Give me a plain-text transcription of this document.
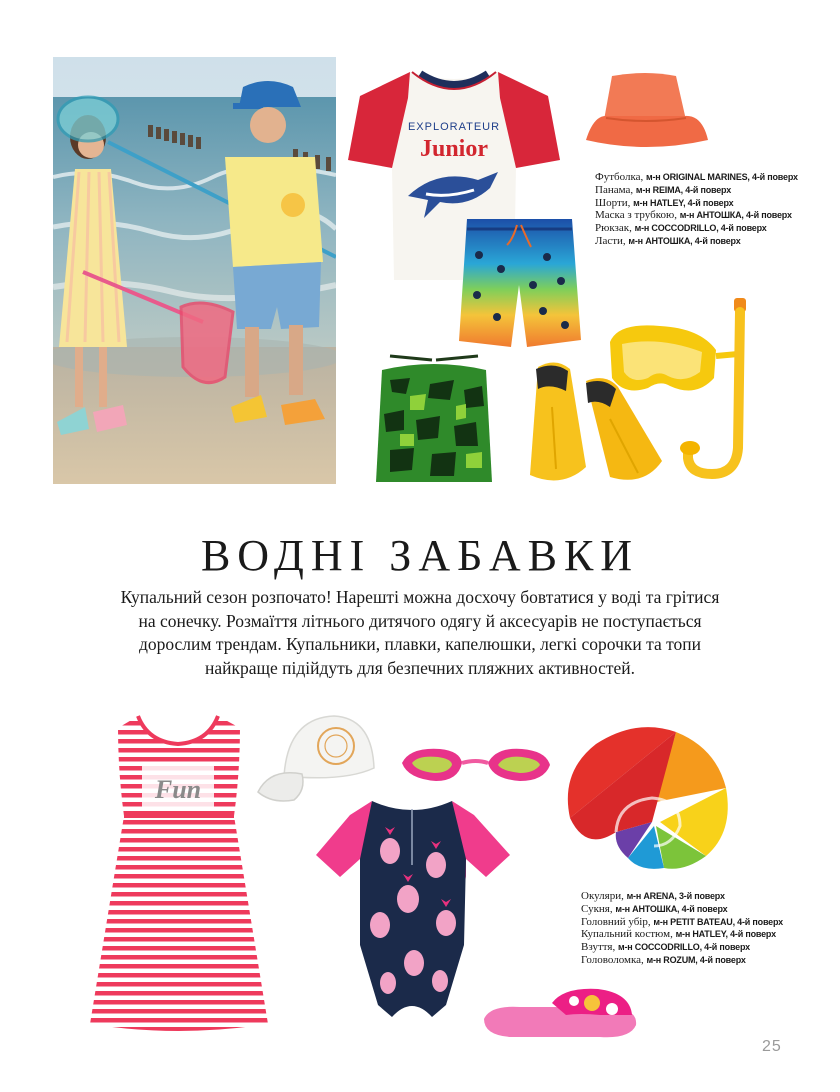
EXPLORATEUR
Junior
Футболка, м-н ORIGINAL MARINES, 4-й поверх
Панама, м-н REIMA, 4-й поверх
Шорти, м-н HATLEY, 4-й поверх
Маска з трубкою, м-н АНТОШКА, 4-й поверх
Рюкзак, м-н COCCODRILLO, 4-й поверх
Ласти, м-н АНТОШКА, 4-й поверх
ВОДНІ ЗАБАВКИ
Купальний сезон розпочато! Нарешті можна досхочу бовтатися у воді та грітися на сонечку. Розмаїття літнього дитячого одягу й аксесуарів не поступається дорослим трендам. Купальники, плавки, капелюшки, легкі сорочки та топи найкраще підійдуть для безпечних пляжних активностей.
Fun
Окуляри, м-н ARENA, 3-й поверх
Сукня, м-н АНТОШКА, 4-й поверх
Головний убір, м-н PETIT BATEAU, 4-й поверх
Купальний костюм, м-н HATLEY, 4-й поверх
Взуття, м-н COCCODRILLO, 4-й поверх
Головоломка, м-н ROZUM, 4-й поверх
25
